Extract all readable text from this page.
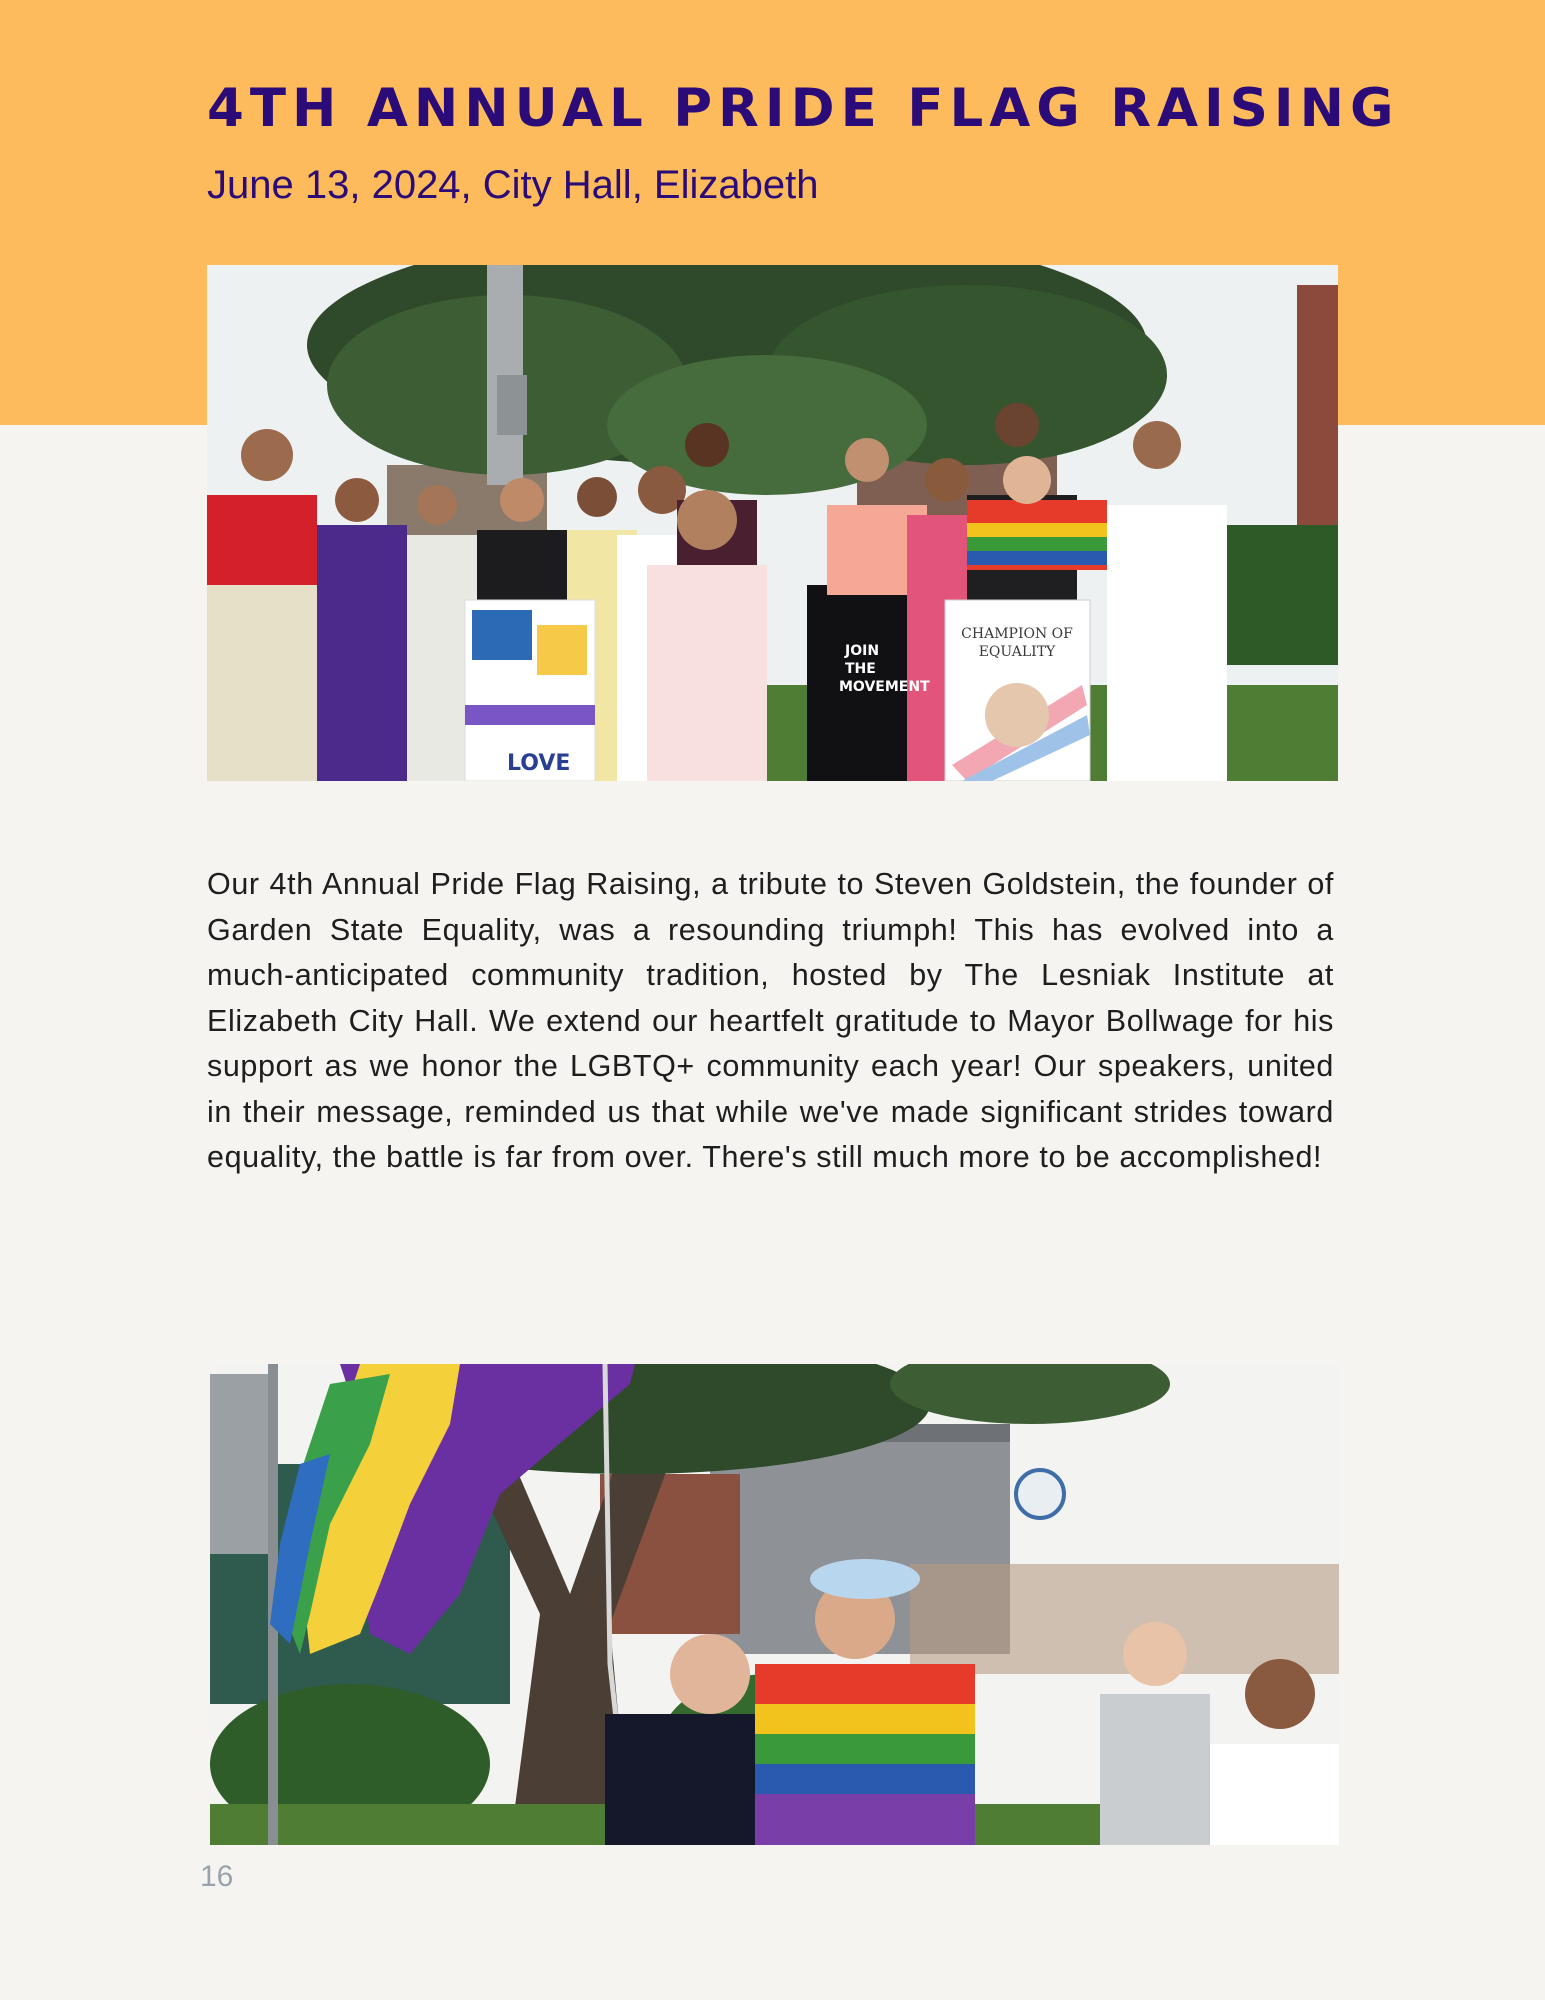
4TH ANNUAL PRIDE FLAG RAISING

June 13, 2024, City Hall, Elizabeth

LOVE
JOIN
THE
MOVEMENT
CHAMPION OF
EQUALITY

Our 4th Annual Pride Flag Raising, a tribute to Steven Goldstein, the founder of Garden State Equality, was a resounding triumph! This has evolved into a much-anticipated community tradition, hosted by The Lesniak Institute at Elizabeth City Hall. We extend our heartfelt gratitude to Mayor Bollwage for his support as we honor the LGBTQ+ community each year! Our speakers, united in their message, reminded us that while we've made significant strides toward equality, the battle is far from over. There's still much more to be accomplished!

16
